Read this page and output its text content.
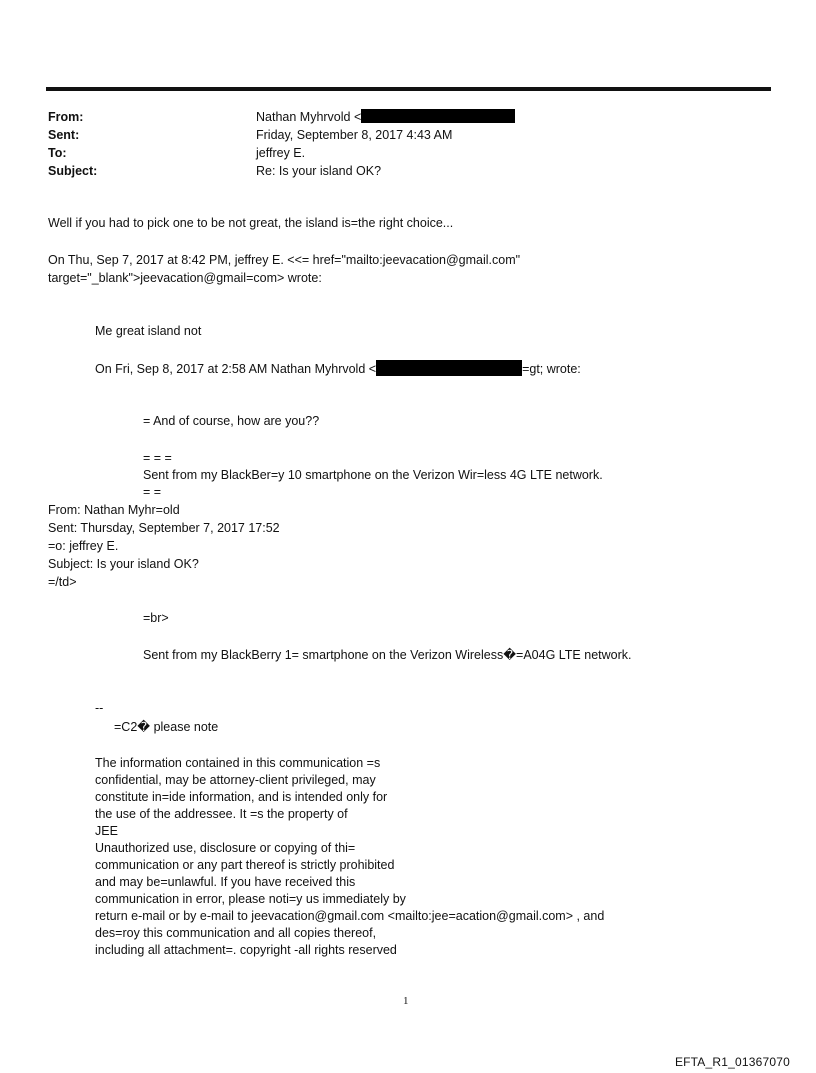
From:	Nathan Myhrvold <
Sent:	Friday, September 8, 2017 4:43 AM
To:	jeffrey E.
Subject:	Re: Is your island OK?
Well if you had to pick one to be not great, the island is=the right choice...
On Thu, Sep 7, 2017 at 8:42 PM, jeffrey E. <<= href="mailto:jeevacation@gmail.com"
target="_blank">jeevacation@gmail=com> wrote:
Me great island not
On Fri, Sep 8, 2017 at 2:58 AM Nathan Myhrvold <	=gt; wrote:
= And of course, how are you??
= = =
Sent from my BlackBer=y 10 smartphone on the Verizon Wir=less 4G LTE network.
= =
From: Nathan Myhr=old
Sent: Thursday, September 7, 2017 17:52
=o: jeffrey E.
Subject: Is your island OK?
=/td>
=br>
Sent from my BlackBerry 1= smartphone on the Verizon Wireless�=A04G LTE network.
--
=C2� please note
The information contained in this communication =s
confidential, may be attorney-client privileged, may
constitute in=ide information, and is intended only for
the use of the addressee. It =s the property of
JEE
Unauthorized use, disclosure or copying of thi=
communication or any part thereof is strictly prohibited
and may be=unlawful. If you have received this
communication in error, please noti=y us immediately by
return e-mail or by e-mail to jeevacation@gmail.com <mailto:jee=acation@gmail.com> , and
des=roy this communication and all copies thereof,
including all attachment=. copyright -all rights reserved
1
EFTA_R1_01367070
